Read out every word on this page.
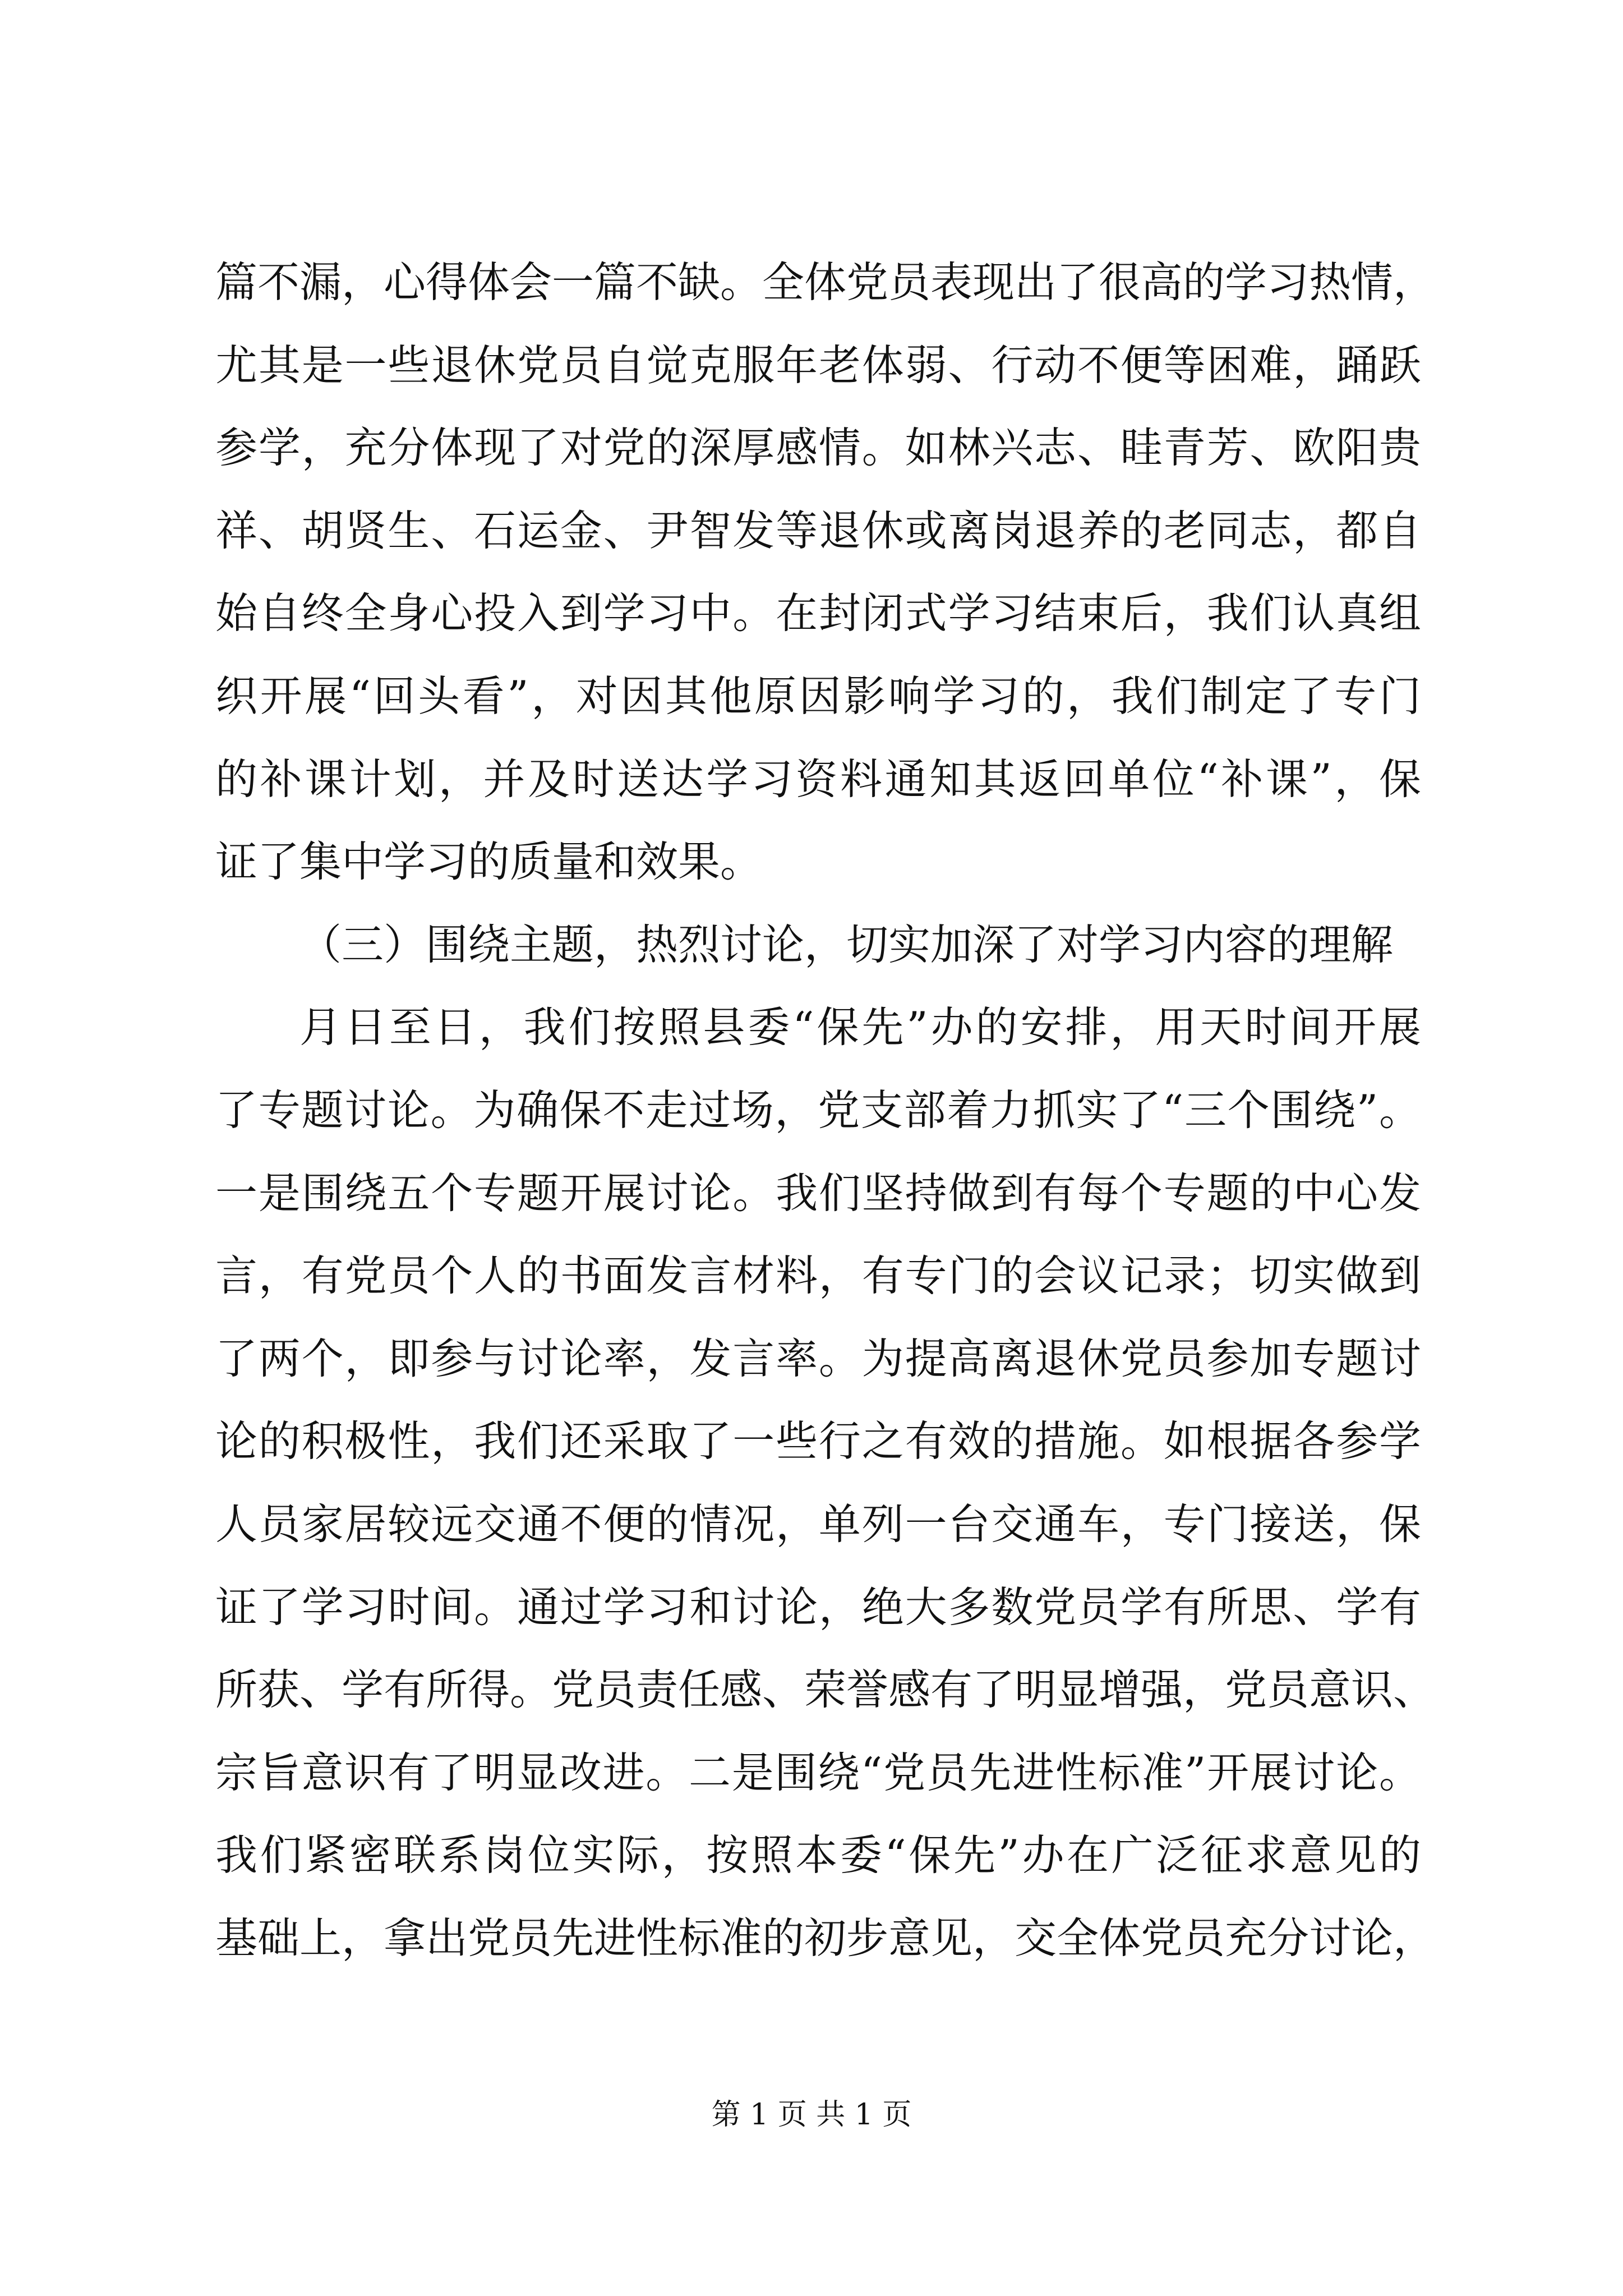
篇不漏，心得体会一篇不缺。全体党员表现出了很高的学习热情，
尤其是一些退休党员自觉克服年老体弱、行动不便等困难，踊跃
参学，充分体现了对党的深厚感情。如林兴志、眭青芳、欧阳贵
祥、胡贤生、石运金、尹智发等退休或离岗退养的老同志，都自
始自终全身心投入到学习中。在封闭式学习结束后，我们认真组
织开展“回头看”，对因其他原因影响学习的，我们制定了专门
的补课计划，并及时送达学习资料通知其返回单位“补课”，保
证了集中学习的质量和效果。
（三）围绕主题，热烈讨论，切实加深了对学习内容的理解
月日至日，我们按照县委“保先”办的安排，用天时间开展
了专题讨论。为确保不走过场，党支部着力抓实了“三个围绕”。
一是围绕五个专题开展讨论。我们坚持做到有每个专题的中心发
言，有党员个人的书面发言材料，有专门的会议记录；切实做到
了两个，即参与讨论率，发言率。为提高离退休党员参加专题讨
论的积极性，我们还采取了一些行之有效的措施。如根据各参学
人员家居较远交通不便的情况，单列一台交通车，专门接送，保
证了学习时间。通过学习和讨论，绝大多数党员学有所思、学有
所获、学有所得。党员责任感、荣誉感有了明显增强，党员意识、
宗旨意识有了明显改进。二是围绕“党员先进性标准”开展讨论。
我们紧密联系岗位实际，按照本委“保先”办在广泛征求意见的
基础上，拿出党员先进性标准的初步意见，交全体党员充分讨论，
第 1 页 共 1 页
